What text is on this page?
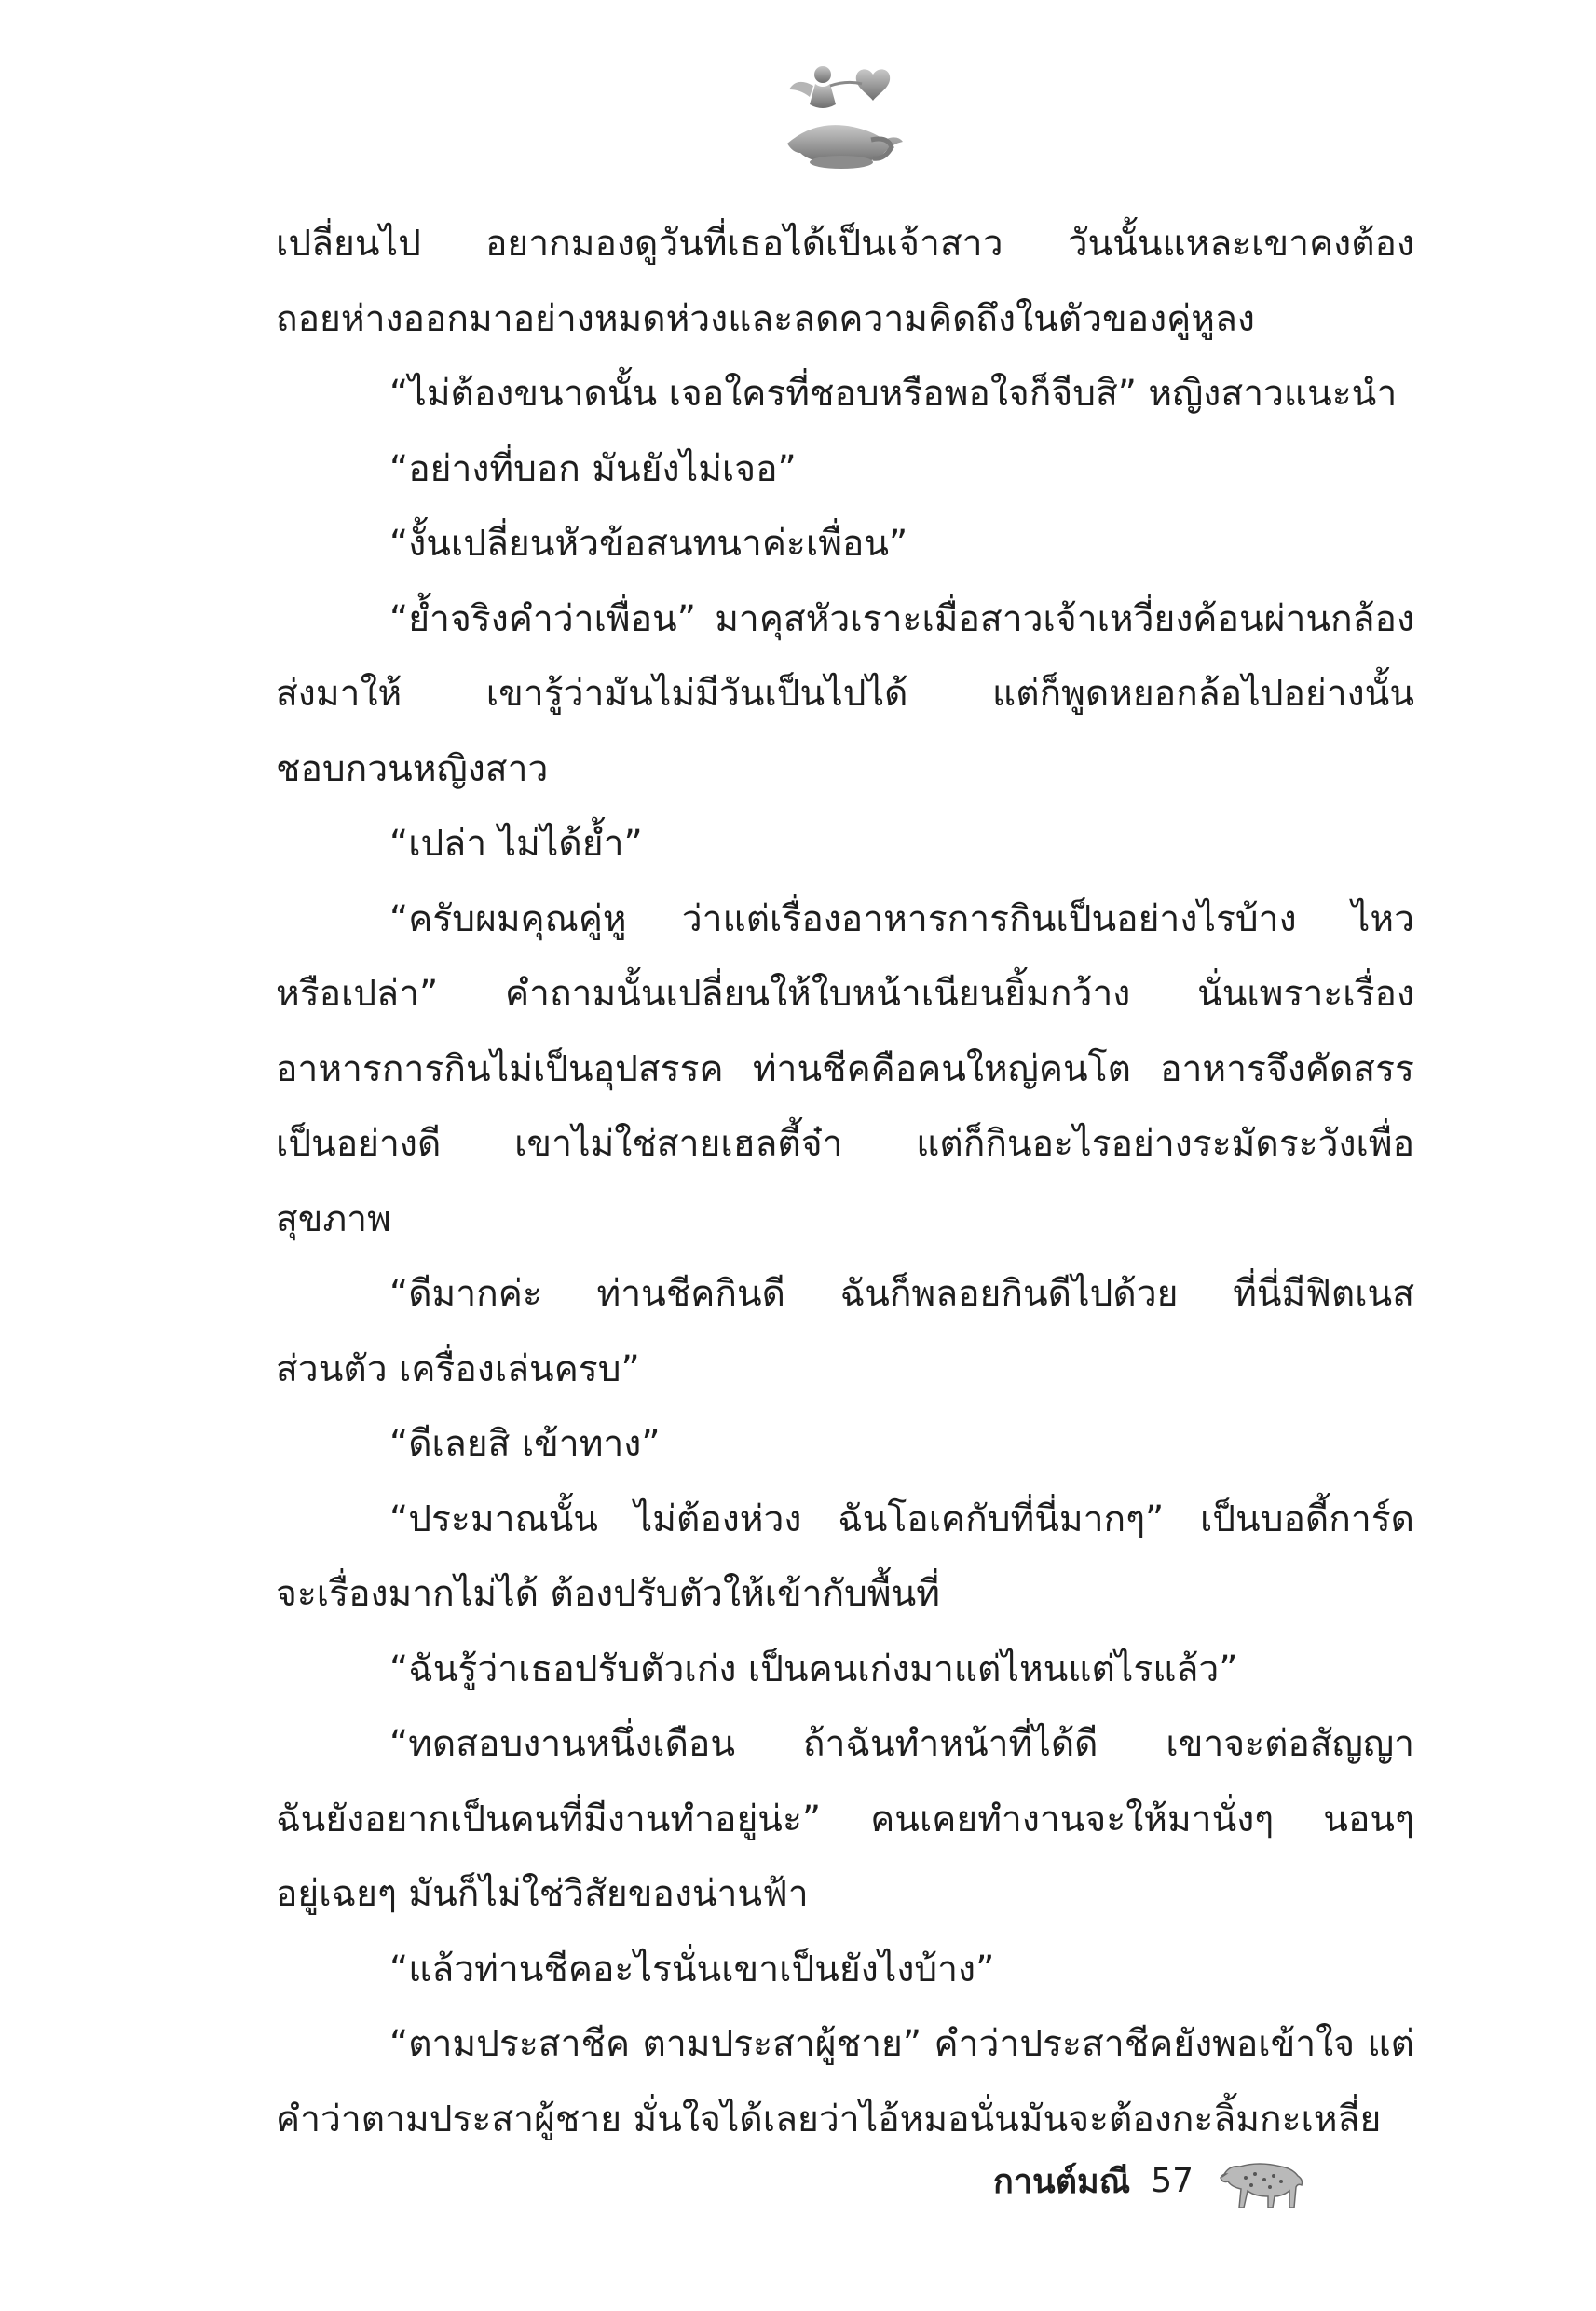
เปลี่ยนไป อยากมองดูวันที่เธอได้เป็นเจ้าสาว วันนั้นแหละเขาคงต้อง
ถอยห่างออกมาอย่างหมดห่วงและลดความคิดถึงในตัวของคู่หูลง
“ไม่ต้องขนาดนั้น เจอใครที่ชอบหรือพอใจก็จีบสิ” หญิงสาวแนะนำ
“อย่างที่บอก มันยังไม่เจอ”
“งั้นเปลี่ยนหัวข้อสนทนาค่ะเพื่อน”
“ย้ำจริงคำว่าเพื่อน” มาคุสหัวเราะเมื่อสาวเจ้าเหวี่ยงค้อนผ่านกล้อง
ส่งมาให้ เขารู้ว่ามันไม่มีวันเป็นไปได้ แต่ก็พูดหยอกล้อไปอย่างนั้น
ชอบกวนหญิงสาว
“เปล่า ไม่ได้ย้ำ”
“ครับผมคุณคู่หู ว่าแต่เรื่องอาหารการกินเป็นอย่างไรบ้าง ไหว
หรือเปล่า” คำถามนั้นเปลี่ยนให้ใบหน้าเนียนยิ้มกว้าง นั่นเพราะเรื่อง
อาหารการกินไม่เป็นอุปสรรค ท่านชีคคือคนใหญ่คนโต อาหารจึงคัดสรร
เป็นอย่างดี เขาไม่ใช่สายเฮลตี้จ๋า แต่ก็กินอะไรอย่างระมัดระวังเพื่อ
สุขภาพ
“ดีมากค่ะ ท่านชีคกินดี ฉันก็พลอยกินดีไปด้วย ที่นี่มีฟิตเนส
ส่วนตัว เครื่องเล่นครบ”
“ดีเลยสิ เข้าทาง”
“ประมาณนั้น ไม่ต้องห่วง ฉันโอเคกับที่นี่มากๆ” เป็นบอดี้การ์ด
จะเรื่องมากไม่ได้ ต้องปรับตัวให้เข้ากับพื้นที่
“ฉันรู้ว่าเธอปรับตัวเก่ง เป็นคนเก่งมาแต่ไหนแต่ไรแล้ว”
“ทดสอบงานหนึ่งเดือน ถ้าฉันทำหน้าที่ได้ดี เขาจะต่อสัญญา
ฉันยังอยากเป็นคนที่มีงานทำอยู่น่ะ” คนเคยทำงานจะให้มานั่งๆ นอนๆ
อยู่เฉยๆ มันก็ไม่ใช่วิสัยของน่านฟ้า
“แล้วท่านชีคอะไรนั่นเขาเป็นยังไงบ้าง”
“ตามประสาชีค ตามประสาผู้ชาย” คำว่าประสาชีคยังพอเข้าใจ แต่
คำว่าตามประสาผู้ชาย มั่นใจได้เลยว่าไอ้หมอนั่นมันจะต้องกะลิ้มกะเหลี่ย
กานต์มณี 57
